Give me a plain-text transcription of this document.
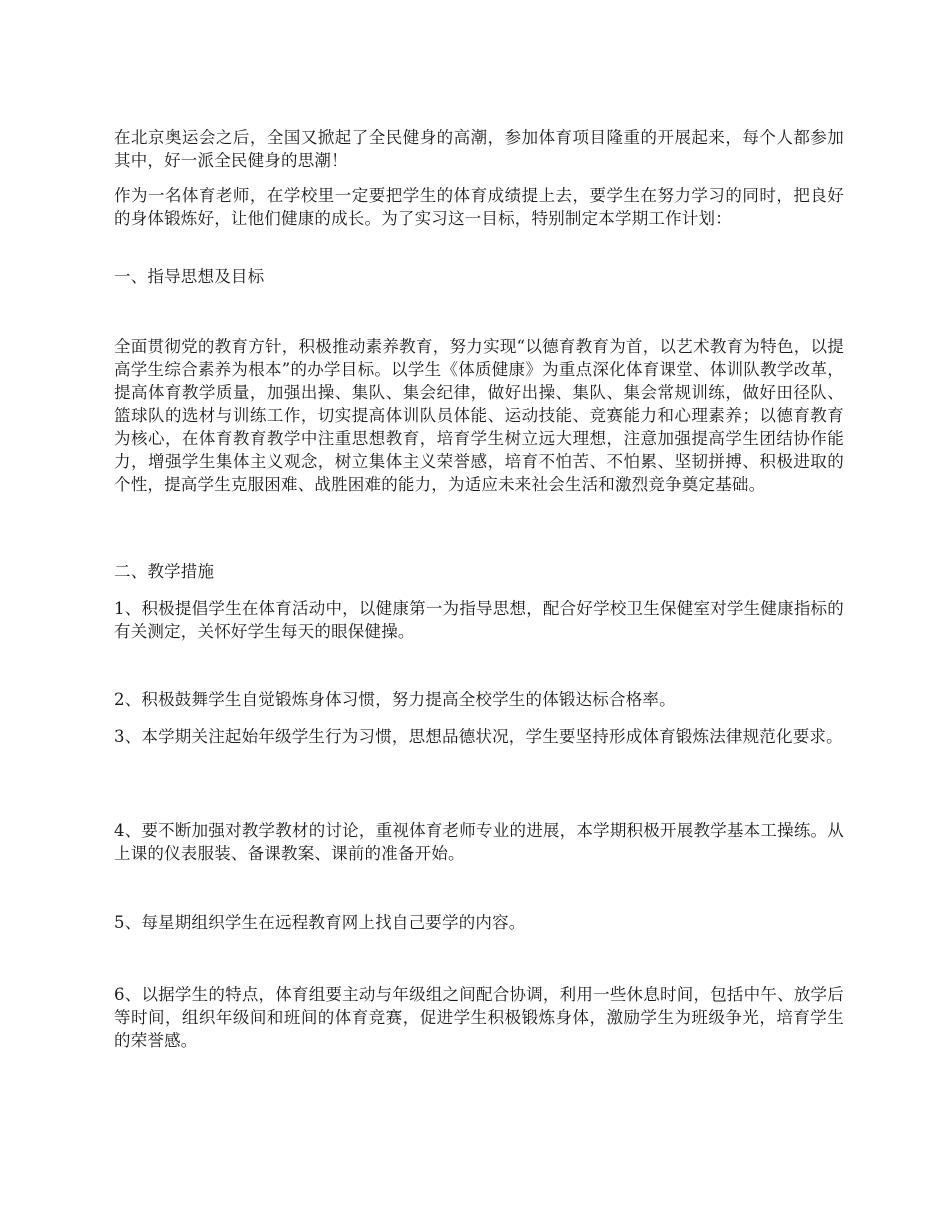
在北京奥运会之后，全国又掀起了全民健身的高潮，参加体育项目隆重的开展起来，每个人都参加其中，好一派全民健身的思潮！

作为一名体育老师，在学校里一定要把学生的体育成绩提上去，要学生在努力学习的同时，把良好的身体锻炼好，让他们健康的成长。为了实习这一目标，特别制定本学期工作计划：

一、指导思想及目标

全面贯彻党的教育方针，积极推动素养教育，努力实现“以德育教育为首，以艺术教育为特色，以提高学生综合素养为根本”的办学目标。以学生《体质健康》为重点深化体育课堂、体训队教学改革，提高体育教学质量，加强出操、集队、集会纪律，做好出操、集队、集会常规训练，做好田径队、篮球队的选材与训练工作，切实提高体训队员体能、运动技能、竞赛能力和心理素养；以德育教育为核心，在体育教育教学中注重思想教育，培育学生树立远大理想，注意加强提高学生团结协作能力，增强学生集体主义观念，树立集体主义荣誉感，培育不怕苦、不怕累、坚韧拼搏、积极进取的个性，提高学生克服困难、战胜困难的能力，为适应未来社会生活和激烈竞争奠定基础。

二、教学措施

1、积极提倡学生在体育活动中，以健康第一为指导思想，配合好学校卫生保健室对学生健康指标的有关测定，关怀好学生每天的眼保健操。

2、积极鼓舞学生自觉锻炼身体习惯，努力提高全校学生的体锻达标合格率。

3、本学期关注起始年级学生行为习惯，思想品德状况，学生要坚持形成体育锻炼法律规范化要求。

4、要不断加强对教学教材的讨论，重视体育老师专业的进展，本学期积极开展教学基本工操练。从上课的仪表服装、备课教案、课前的准备开始。

5、每星期组织学生在远程教育网上找自己要学的内容。

6、以据学生的特点，体育组要主动与年级组之间配合协调，利用一些休息时间，包括中午、放学后等时间，组织年级间和班间的体育竞赛，促进学生积极锻炼身体，激励学生为班级争光，培育学生的荣誉感。
